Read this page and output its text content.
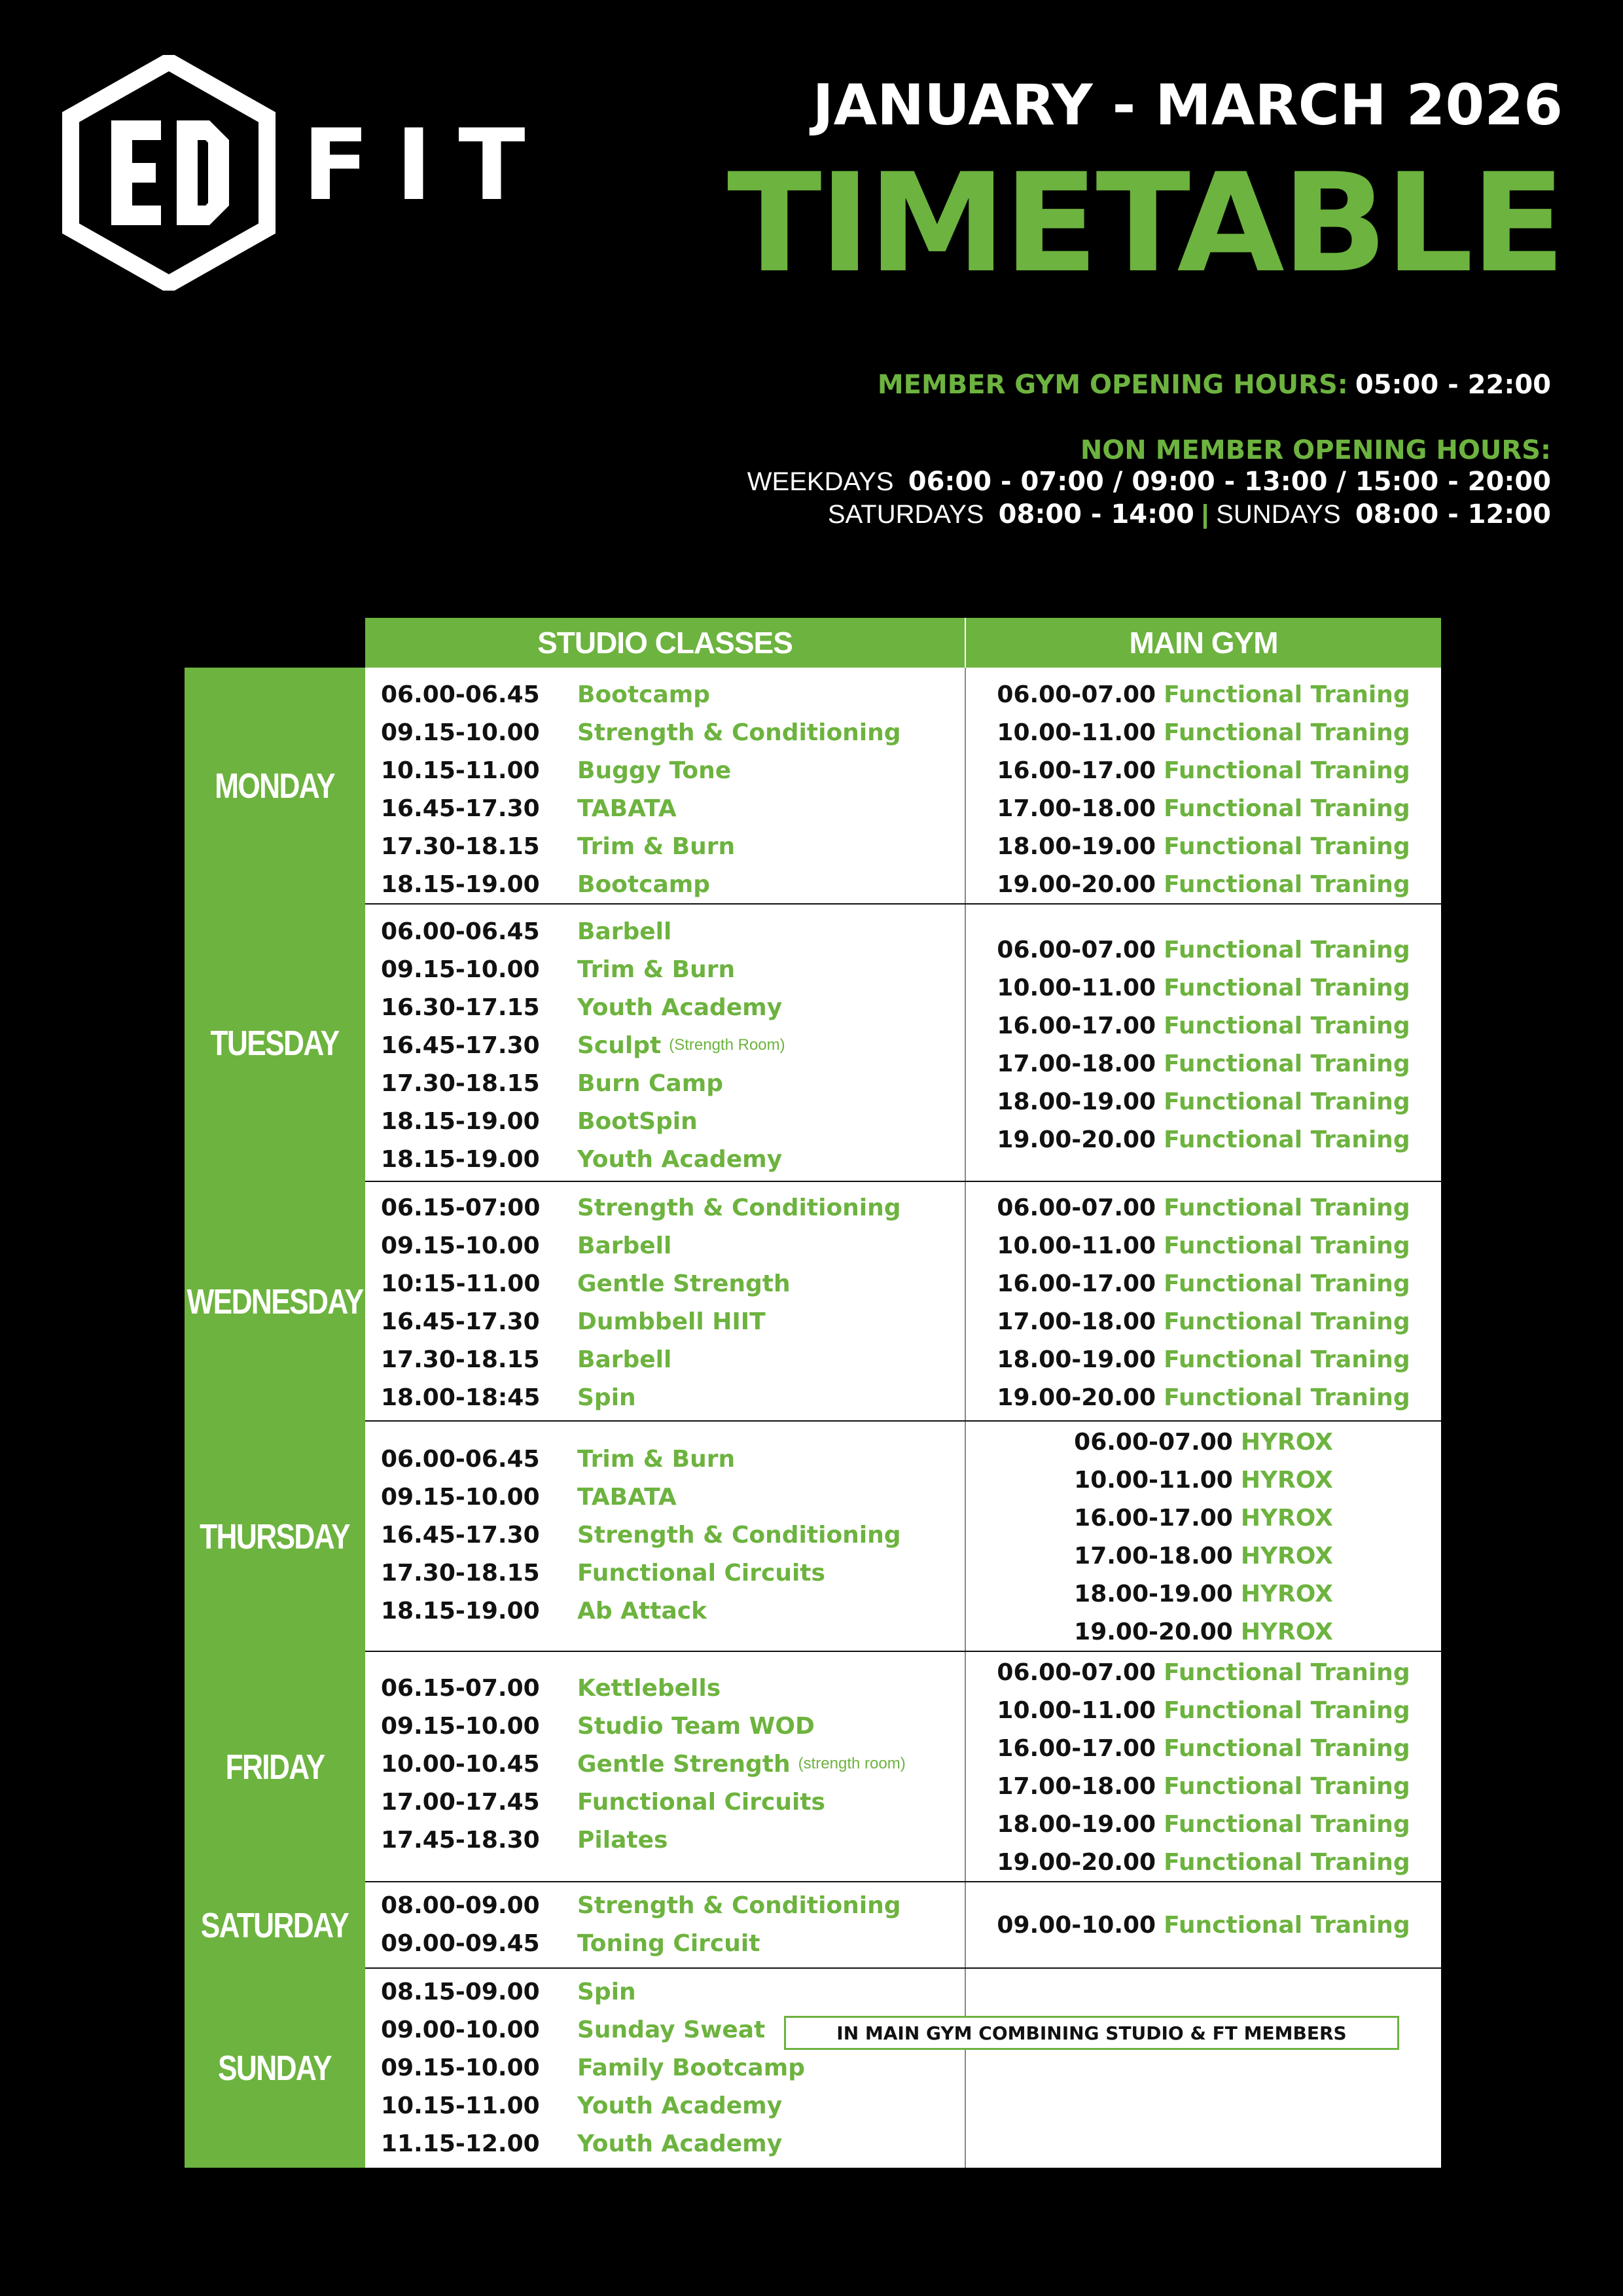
FIT
JANUARY - MARCH 2026
TIMETABLE
MEMBER GYM OPENING HOURS: 05:00 - 22:00
NON MEMBER OPENING HOURS:
WEEKDAYS 06:00 - 07:00 / 09:00 - 13:00 / 15:00 - 20:00
SATURDAYS 08:00 - 14:00 | SUNDAYS 08:00 - 12:00
STUDIO CLASSES	MAIN GYM
MONDAY
06.00-06.45	Bootcamp
09.15-10.00	Strength & Conditioning
10.15-11.00	Buggy Tone
16.45-17.30	TABATA
17.30-18.15	Trim & Burn
18.15-19.00	Bootcamp
06.00-07.00 Functional Traning
10.00-11.00 Functional Traning
16.00-17.00 Functional Traning
17.00-18.00 Functional Traning
18.00-19.00 Functional Traning
19.00-20.00 Functional Traning
TUESDAY
06.00-06.45	Barbell
09.15-10.00	Trim & Burn
16.30-17.15	Youth Academy
16.45-17.30	Sculpt (Strength Room)
17.30-18.15	Burn Camp
18.15-19.00	BootSpin
18.15-19.00	Youth Academy
06.00-07.00 Functional Traning
10.00-11.00 Functional Traning
16.00-17.00 Functional Traning
17.00-18.00 Functional Traning
18.00-19.00 Functional Traning
19.00-20.00 Functional Traning
WEDNESDAY
06.15-07:00	Strength & Conditioning
09.15-10.00	Barbell
10:15-11.00	Gentle Strength
16.45-17.30	Dumbbell HIIT
17.30-18.15	Barbell
18.00-18:45	Spin
06.00-07.00 Functional Traning
10.00-11.00 Functional Traning
16.00-17.00 Functional Traning
17.00-18.00 Functional Traning
18.00-19.00 Functional Traning
19.00-20.00 Functional Traning
THURSDAY
06.00-06.45	Trim & Burn
09.15-10.00	TABATA
16.45-17.30	Strength & Conditioning
17.30-18.15	Functional Circuits
18.15-19.00	Ab Attack
06.00-07.00 HYROX
10.00-11.00 HYROX
16.00-17.00 HYROX
17.00-18.00 HYROX
18.00-19.00 HYROX
19.00-20.00 HYROX
FRIDAY
06.15-07.00	Kettlebells
09.15-10.00	Studio Team WOD
10.00-10.45	Gentle Strength (strength room)
17.00-17.45	Functional Circuits
17.45-18.30	Pilates
06.00-07.00 Functional Traning
10.00-11.00 Functional Traning
16.00-17.00 Functional Traning
17.00-18.00 Functional Traning
18.00-19.00 Functional Traning
19.00-20.00 Functional Traning
SATURDAY
08.00-09.00	Strength & Conditioning
09.00-09.45	Toning Circuit
09.00-10.00 Functional Traning
SUNDAY
08.15-09.00	Spin
09.00-10.00	Sunday Sweat
09.15-10.00	Family Bootcamp
10.15-11.00	Youth Academy
11.15-12.00	Youth Academy
IN MAIN GYM COMBINING STUDIO & FT MEMBERS
